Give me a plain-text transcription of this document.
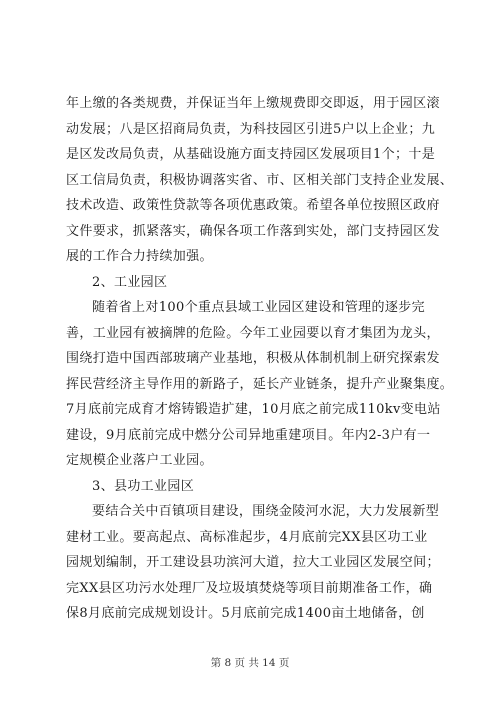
年上缴的各类规费，并保证当年上缴规费即交即返，用于园区滚
动发展；八是区招商局负责，为科技园区引进5户以上企业；九
是区发改局负责，从基础设施方面支持园区发展项目1个；十是
区工信局负责，积极协调落实省、市、区相关部门支持企业发展、
技术改造、政策性贷款等各项优惠政策。希望各单位按照区政府
文件要求，抓紧落实，确保各项工作落到实处，部门支持园区发
展的工作合力持续加强。
2、工业园区
随着省上对100个重点县域工业园区建设和管理的逐步完
善，工业园有被摘牌的危险。今年工业园要以育才集团为龙头，
围绕打造中国西部玻璃产业基地，积极从体制机制上研究探索发
挥民营经济主导作用的新路子，延长产业链条，提升产业聚集度。
7月底前完成育才熔铸锻造扩建，10月底之前完成110kv变电站
建设，9月底前完成中燃分公司异地重建项目。年内2-3户有一
定规模企业落户工业园。
3、县功工业园区
要结合关中百镇项目建设，围绕金陵河水泥，大力发展新型
建材工业。要高起点、高标准起步，4月底前完XX县区功工业
园规划编制，开工建设县功滨河大道，拉大工业园区发展空间；
完XX县区功污水处理厂及垃圾填焚烧等项目前期准备工作，确
保8月底前完成规划设计。5月底前完成1400亩土地储备，创
第 8 页 共 14 页
